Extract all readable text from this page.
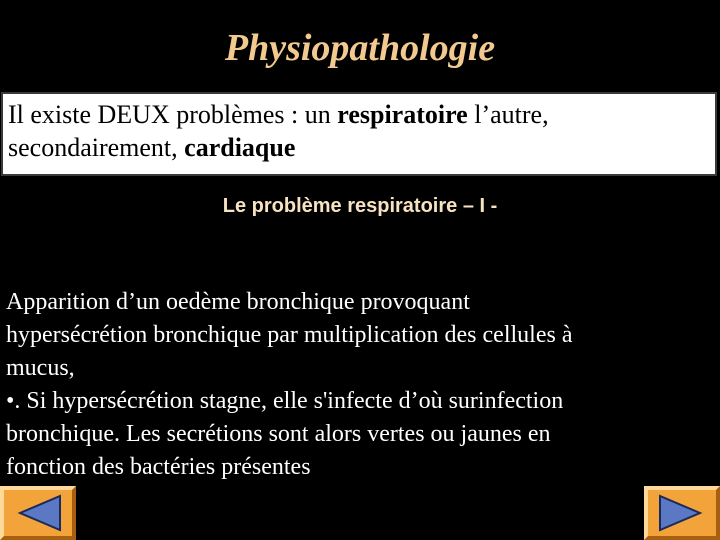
Physiopathologie
Il existe DEUX problèmes : un respiratoire l’autre,
secondairement, cardiaque
Le problème respiratoire – I -
Apparition d’un oedème bronchique provoquant
hypersécrétion bronchique par multiplication des cellules à
mucus,
•. Si hypersécrétion stagne, elle s'infecte d’où surinfection
bronchique. Les secrétions sont alors vertes ou jaunes en
fonction des bactéries présentes
